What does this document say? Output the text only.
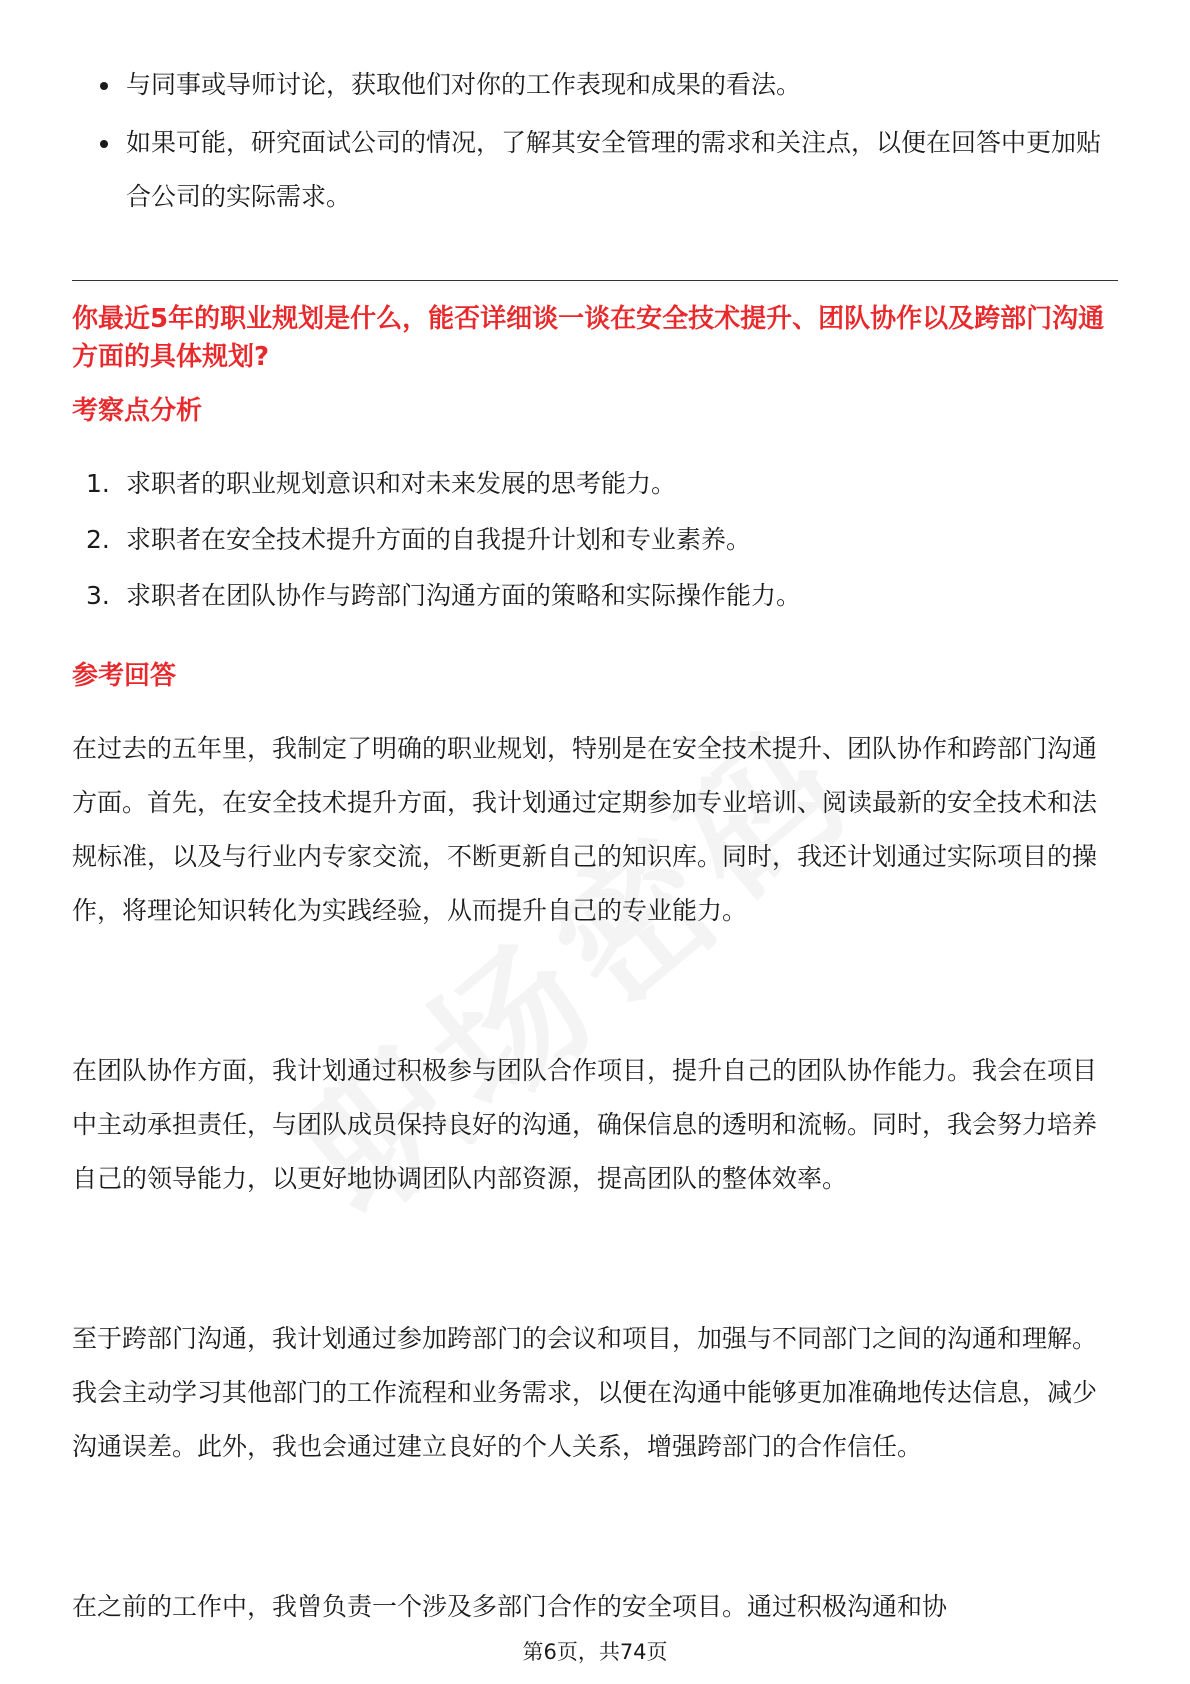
与同事或导师讨论，获取他们对你的工作表现和成果的看法。
如果可能，研究面试公司的情况，了解其安全管理的需求和关注点，以便在回答中更加贴合公司的实际需求。
你最近5年的职业规划是什么，能否详细谈一谈在安全技术提升、团队协作以及跨部门沟通方面的具体规划?
考察点分析
1. 求职者的职业规划意识和对未来发展的思考能力。
2. 求职者在安全技术提升方面的自我提升计划和专业素养。
3. 求职者在团队协作与跨部门沟通方面的策略和实际操作能力。
参考回答

在过去的五年里，我制定了明确的职业规划，特别是在安全技术提升、团队协作和跨部门沟通方面。首先，在安全技术提升方面，我计划通过定期参加专业培训、阅读最新的安全技术和法规标准，以及与行业内专家交流，不断更新自己的知识库。同时，我还计划通过实际项目的操作，将理论知识转化为实践经验，从而提升自己的专业能力。

在团队协作方面，我计划通过积极参与团队合作项目，提升自己的团队协作能力。我会在项目中主动承担责任，与团队成员保持良好的沟通，确保信息的透明和流畅。同时，我会努力培养自己的领导能力，以更好地协调团队内部资源，提高团队的整体效率。

至于跨部门沟通，我计划通过参加跨部门的会议和项目，加强与不同部门之间的沟通和理解。我会主动学习其他部门的工作流程和业务需求，以便在沟通中能够更加准确地传达信息，减少沟通误差。此外，我也会通过建立良好的个人关系，增强跨部门的合作信任。

在之前的工作中，我曾负责一个涉及多部门合作的安全项目。通过积极沟通和协

第6页，共74页
